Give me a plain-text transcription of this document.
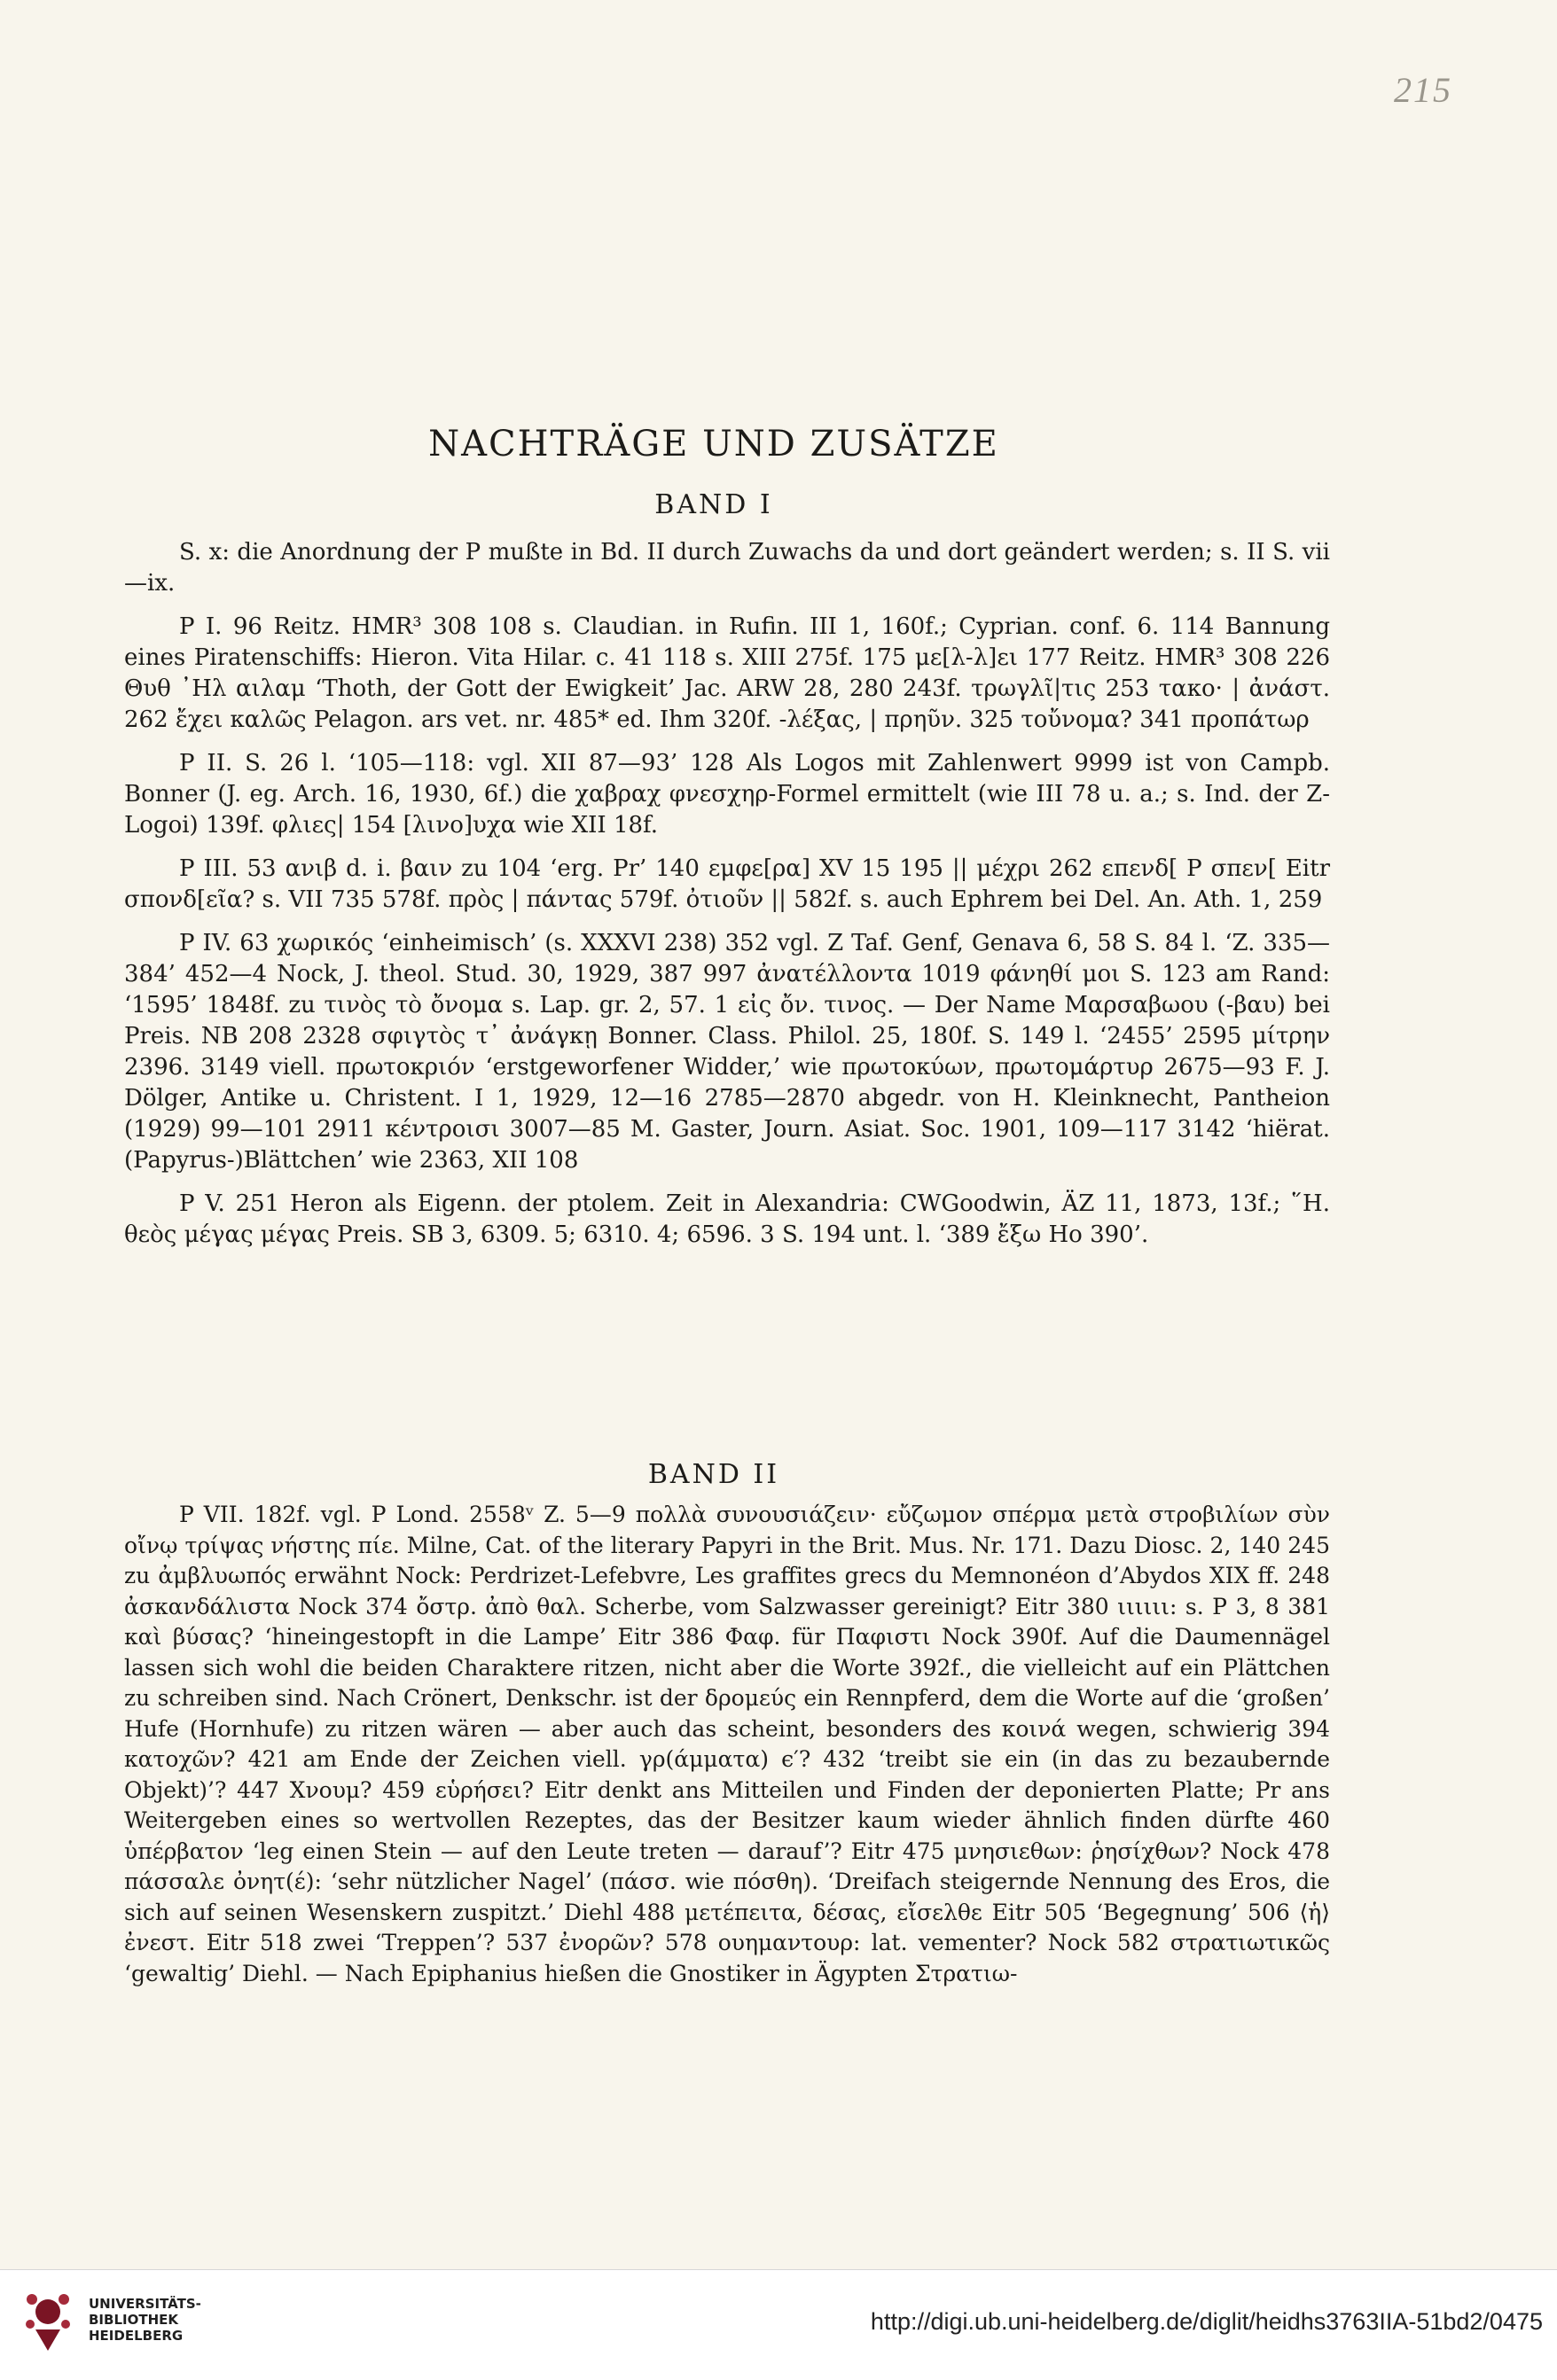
215
NACHTRÄGE UND ZUSÄTZE
BAND I

S. x: die Anordnung der P mußte in Bd. II durch Zuwachs da und dort geändert werden; s. II S. vii—ix.

P I. 96 Reitz. HMR³ 308 108 s. Claudian. in Rufin. III 1, 160f.; Cyprian. conf. 6. 114 Bannung eines Piratenschiffs: Hieron. Vita Hilar. c. 41 118 s. XIII 275f. 175 με[λ-λ]ει 177 Reitz. HMR³ 308 226 Θυθ ᾿Ηλ αιλαμ ‘Thoth, der Gott der Ewigkeit’ Jac. ARW 28, 280 243f. τρωγλῖ|τις 253 τακο· | ἀνάστ. 262 ἔχει καλῶς Pelagon. ars vet. nr. 485* ed. Ihm 320f. -λέξας, | πρηῦν. 325 τοὔνομα? 341 προπάτωρ

P II. S. 26 l. ‘105—118: vgl. XII 87—93’ 128 Als Logos mit Zahlenwert 9999 ist von Campb. Bonner (J. eg. Arch. 16, 1930, 6f.) die χαβραχ φνεσχηρ-Formel ermittelt (wie III 78 u. a.; s. Ind. der Z-Logoi) 139f. φλιες| 154 [λινο]υχα wie XII 18f.

P III. 53 ανιβ d. i. βαιν zu 104 ‘erg. Pr’ 140 εμφε[ρα] XV 15 195 || μέχρι 262 επενδ[ P σπεν[ Eitr σπονδ[εῖα? s. VII 735 578f. πρὸς | πάντας 579f. ὀτιοῦν || 582f. s. auch Ephrem bei Del. An. Ath. 1, 259

P IV. 63 χωρικός ‘einheimisch’ (s. XXXVI 238) 352 vgl. Z Taf. Genf, Genava 6, 58 S. 84 l. ‘Z. 335—384’ 452—4 Nock, J. theol. Stud. 30, 1929, 387 997 ἀνατέλλοντα 1019 φάνηθί μοι S. 123 am Rand: ‘1595’ 1848f. zu τινὸς τὸ ὄνομα s. Lap. gr. 2, 57. 1 εἰς ὄν. τινος. — Der Name Μαρσαβωου (-βαυ) bei Preis. NB 208 2328 σφιγτὸς τ᾿ ἀνάγκῃ Bonner. Class. Philol. 25, 180f. S. 149 l. ‘2455’ 2595 μίτρην 2396. 3149 viell. πρωτοκριόν ‘erstgeworfener Widder,’ wie πρωτοκύων, πρωτομάρτυρ 2675—93 F. J. Dölger, Antike u. Christent. I 1, 1929, 12—16 2785—2870 abgedr. von H. Kleinknecht, Pantheion (1929) 99—101 2911 κέντροισι 3007—85 M. Gaster, Journ. Asiat. Soc. 1901, 109—117 3142 ‘hiërat. (Papyrus-)Blättchen’ wie 2363, XII 108

P V. 251 Heron als Eigenn. der ptolem. Zeit in Alexandria: CWGoodwin, ÄZ 11, 1873, 13f.; ῞Η. θεὸς μέγας μέγας Preis. SB 3, 6309. 5; 6310. 4; 6596. 3 S. 194 unt. l. ‘389 ἔξω Ho 390’.

BAND II

P VII. 182f. vgl. P Lond. 2558ᵛ Z. 5—9 πολλὰ συνουσιάζειν· εὔζωμον σπέρμα μετὰ στροβιλίων σὺν οἴνῳ τρίψας νήστης πίε. Milne, Cat. of the literary Papyri in the Brit. Mus. Nr. 171. Dazu Diosc. 2, 140 245 zu ἀμβλυωπός erwähnt Nock: Perdrizet-Lefebvre, Les graffites grecs du Memnonéon d’Abydos XIX ff. 248 ἀσκανδάλιστα Nock 374 ὄστρ. ἀπὸ θαλ. Scherbe, vom Salzwasser gereinigt? Eitr 380 ιιιιιι: s. P 3, 8 381 καὶ βύσας? ‘hineingestopft in die Lampe’ Eitr 386 Φαφ. für Παφιστι Nock 390f. Auf die Daumennägel lassen sich wohl die beiden Charaktere ritzen, nicht aber die Worte 392f., die vielleicht auf ein Plättchen zu schreiben sind. Nach Crönert, Denkschr. ist der δρομεύς ein Rennpferd, dem die Worte auf die ‘großen’ Hufe (Hornhufe) zu ritzen wären — aber auch das scheint, besonders des κοινά wegen, schwierig 394 κατοχῶν? 421 am Ende der Zeichen viell. γρ(άμματα) ϵ′? 432 ‘treibt sie ein (in das zu bezaubernde Objekt)’? 447 Χνουμ? 459 εὑρήσει? Eitr denkt ans Mitteilen und Finden der deponierten Platte; Pr ans Weitergeben eines so wertvollen Rezeptes, das der Besitzer kaum wieder ähnlich finden dürfte 460 ὑπέρβατον ‘leg einen Stein — auf den Leute treten — darauf’? Eitr 475 μνησιεθων: ῥησίχθων? Nock 478 πάσσαλε ὀνητ(έ): ‘sehr nützlicher Nagel’ (πάσσ. wie πόσθη). ‘Dreifach steigernde Nennung des Eros, die sich auf seinen Wesenskern zuspitzt.’ Diehl 488 μετέπειτα, δέσας, εἴσελθε Eitr 505 ‘Begegnung’ 506 ⟨ἡ⟩ ἐνεστ. Eitr 518 zwei ‘Treppen’? 537 ἐνορῶν? 578 ουημαντουρ: lat. vementer? Nock 582 στρατιωτικῶς ‘gewaltig’ Diehl. — Nach Epiphanius hießen die Gnostiker in Ägypten Στρατιω-

UNIVERSITÄTS-
BIBLIOTHEK
HEIDELBERG
http://digi.ub.uni-heidelberg.de/diglit/heidhs3763IIA-51bd2/0475
